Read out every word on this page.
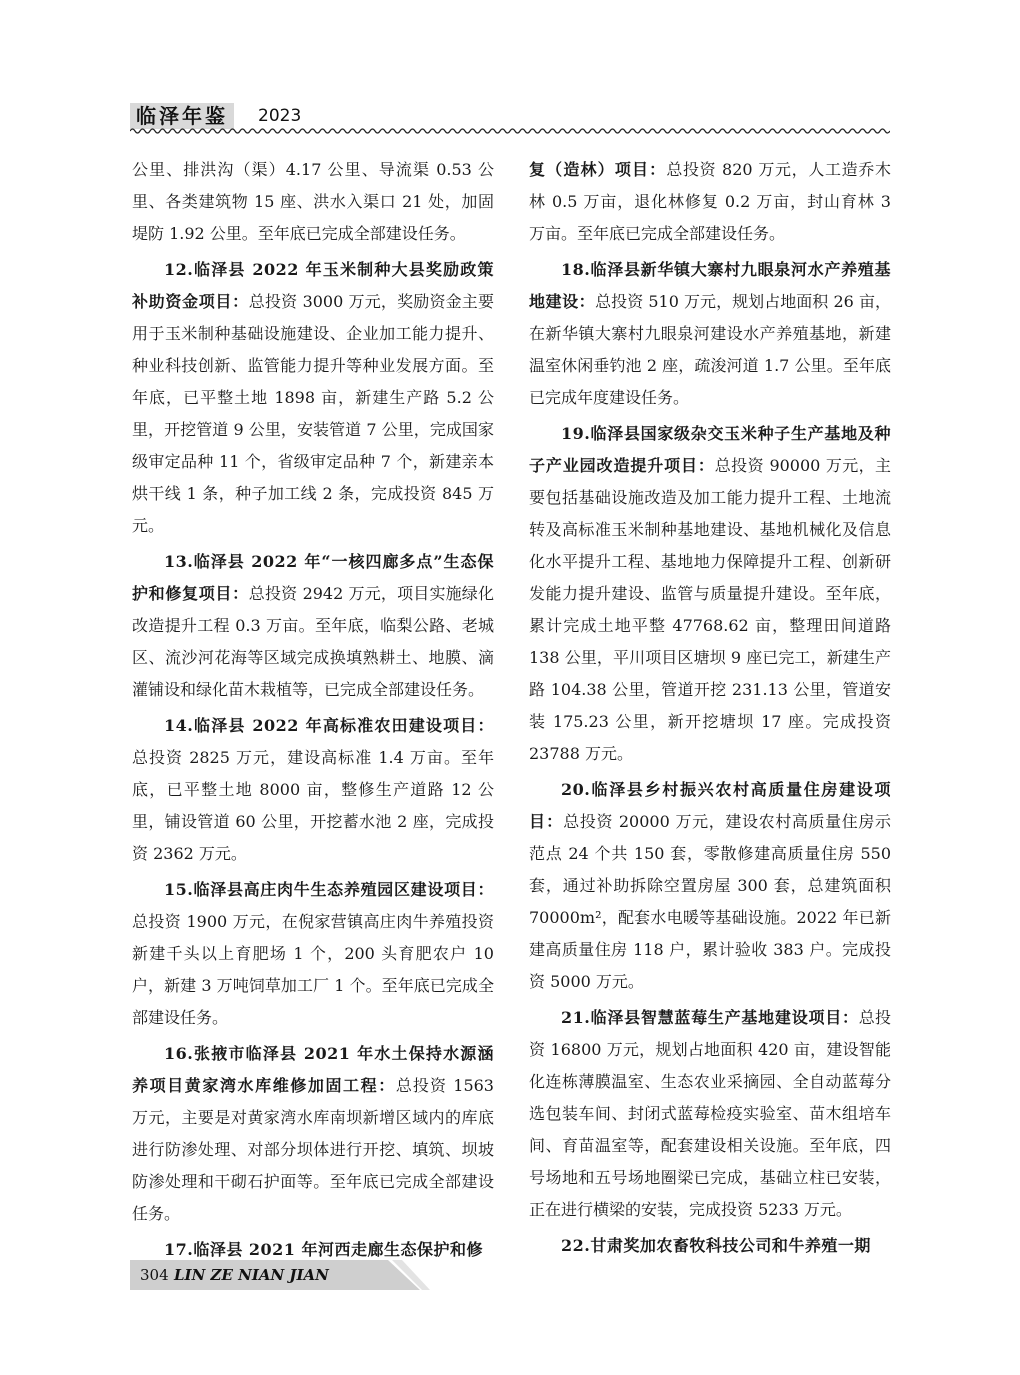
临泽年鉴	2023

公里、排洪沟（渠）4.17 公里、导流渠 0.53 公里、各类建筑物 15 座、洪水入渠口 21 处，加固堤防 1.92 公里。至年底已完成全部建设任务。

12.临泽县 2022 年玉米制种大县奖励政策补助资金项目：总投资 3000 万元，奖励资金主要用于玉米制种基础设施建设、企业加工能力提升、种业科技创新、监管能力提升等种业发展方面。至年底，已平整土地 1898 亩，新建生产路 5.2 公里，开挖管道 9 公里，安装管道 7 公里，完成国家级审定品种 11 个，省级审定品种 7 个，新建亲本烘干线 1 条，种子加工线 2 条，完成投资 845 万元。

13.临泽县 2022 年“一核四廊多点”生态保护和修复项目：总投资 2942 万元，项目实施绿化改造提升工程 0.3 万亩。至年底，临梨公路、老城区、流沙河花海等区域完成换填熟耕土、地膜、滴灌铺设和绿化苗木栽植等，已完成全部建设任务。

14.临泽县 2022 年高标准农田建设项目：总投资 2825 万元，建设高标准 1.4 万亩。至年底，已平整土地 8000 亩，整修生产道路 12 公里，铺设管道 60 公里，开挖蓄水池 2 座，完成投资 2362 万元。

15.临泽县高庄肉牛生态养殖园区建设项目：总投资 1900 万元，在倪家营镇高庄肉牛养殖投资新建千头以上育肥场 1 个，200 头育肥农户 10 户，新建 3 万吨饲草加工厂 1 个。至年底已完成全部建设任务。

16.张掖市临泽县 2021 年水土保持水源涵养项目黄家湾水库维修加固工程：总投资 1563 万元，主要是对黄家湾水库南坝新增区域内的库底进行防渗处理、对部分坝体进行开挖、填筑、坝坡防渗处理和干砌石护面等。至年底已完成全部建设任务。

17.临泽县 2021 年河西走廊生态保护和修

复（造林）项目：总投资 820 万元，人工造乔木林 0.5 万亩，退化林修复 0.2 万亩，封山育林 3 万亩。至年底已完成全部建设任务。

18.临泽县新华镇大寨村九眼泉河水产养殖基地建设：总投资 510 万元，规划占地面积 26 亩，在新华镇大寨村九眼泉河建设水产养殖基地，新建温室休闲垂钓池 2 座，疏浚河道 1.7 公里。至年底已完成年度建设任务。

19.临泽县国家级杂交玉米种子生产基地及种子产业园改造提升项目：总投资 90000 万元，主要包括基础设施改造及加工能力提升工程、土地流转及高标准玉米制种基地建设、基地机械化及信息化水平提升工程、基地地力保障提升工程、创新研发能力提升建设、监管与质量提升建设。至年底，累计完成土地平整 47768.62 亩，整理田间道路 138 公里，平川项目区塘坝 9 座已完工，新建生产路 104.38 公里，管道开挖 231.13 公里，管道安装 175.23 公里，新开挖塘坝 17 座。完成投资 23788 万元。

20.临泽县乡村振兴农村高质量住房建设项目：总投资 20000 万元，建设农村高质量住房示范点 24 个共 150 套，零散修建高质量住房 550 套，通过补助拆除空置房屋 300 套，总建筑面积 70000m²，配套水电暖等基础设施。2022 年已新建高质量住房 118 户，累计验收 383 户。完成投资 5000 万元。

21.临泽县智慧蓝莓生产基地建设项目：总投资 16800 万元，规划占地面积 420 亩，建设智能化连栋薄膜温室、生态农业采摘园、全自动蓝莓分选包装车间、封闭式蓝莓检疫实验室、苗木组培车间、育苗温室等，配套建设相关设施。至年底，四号场地和五号场地圈梁已完成，基础立柱已安装，正在进行横梁的安装，完成投资 5233 万元。

22.甘肃奖加农畜牧科技公司和牛养殖一期

304 LIN ZE NIAN JIAN
